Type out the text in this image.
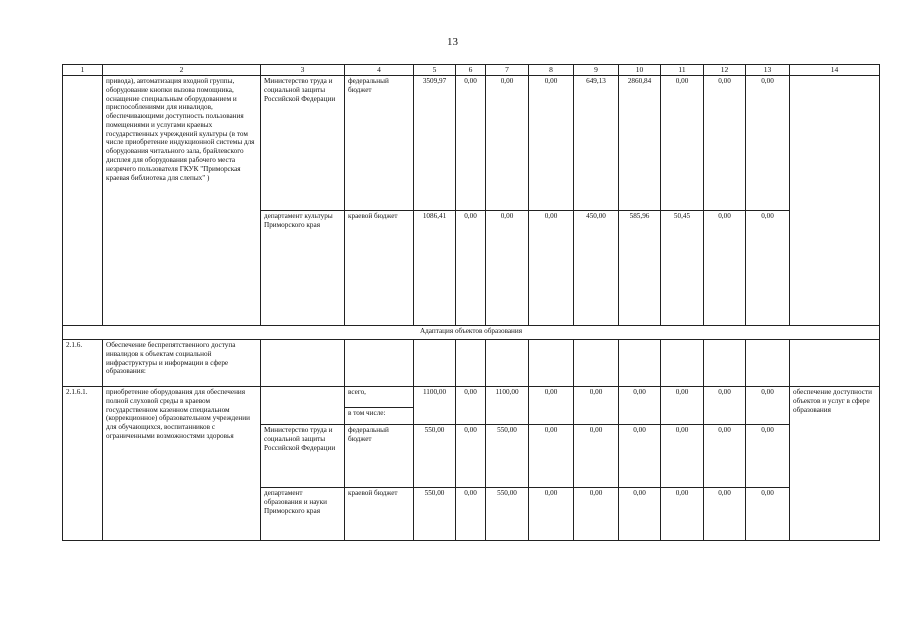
13
1	2	3	4	5	6	7	8	9	10	11	12	13	14
	привода), автоматизация входной группы, оборудование кнопки вызова помощника, оснащение специальным оборудованием и приспособлениями для инвалидов, обеспечивающими доступность пользования помещениями и услугами краевых государственных учреждений культуры (в том числе приобретение индукционной системы для оборудования читального зала, брайлевского дисплея для оборудования рабочего места незрячего пользователя ГКУК "Приморская краевая библиотека для слепых" )	Министерство труда и социальной защиты Российской Федерации	федеральный бюджет	3509,97	0,00	0,00	0,00	649,13	2860,84	0,00	0,00	0,00	
		департамент культуры Приморского края	краевой бюджет	1086,41	0,00	0,00	0,00	450,00	585,96	50,45	0,00	0,00	
Адаптация объектов образования													
2.1.6.	Обеспечение беспрепятственного доступа инвалидов к объектам социальной инфраструктуры и информации в сфере образования:												
2.1.6.1.	приобретение оборудования для обеспечения полной слуховой среды в краевом государственном казенном специальном (коррекционное) образовательном учреждении для обучающихся, воспитанников с ограниченными возможностями здоровья		всего,	1100,00	0,00	1100,00	0,00	0,00	0,00	0,00	0,00	0,00	обеспечение доступности объектов и услуг в сфере образования
			в том числе:										
		Министерство труда и социальной защиты Российской Федерации	федеральный бюджет	550,00	0,00	550,00	0,00	0,00	0,00	0,00	0,00	0,00	
		департамент образования и науки Приморского края	краевой бюджет	550,00	0,00	550,00	0,00	0,00	0,00	0,00	0,00	0,00	
